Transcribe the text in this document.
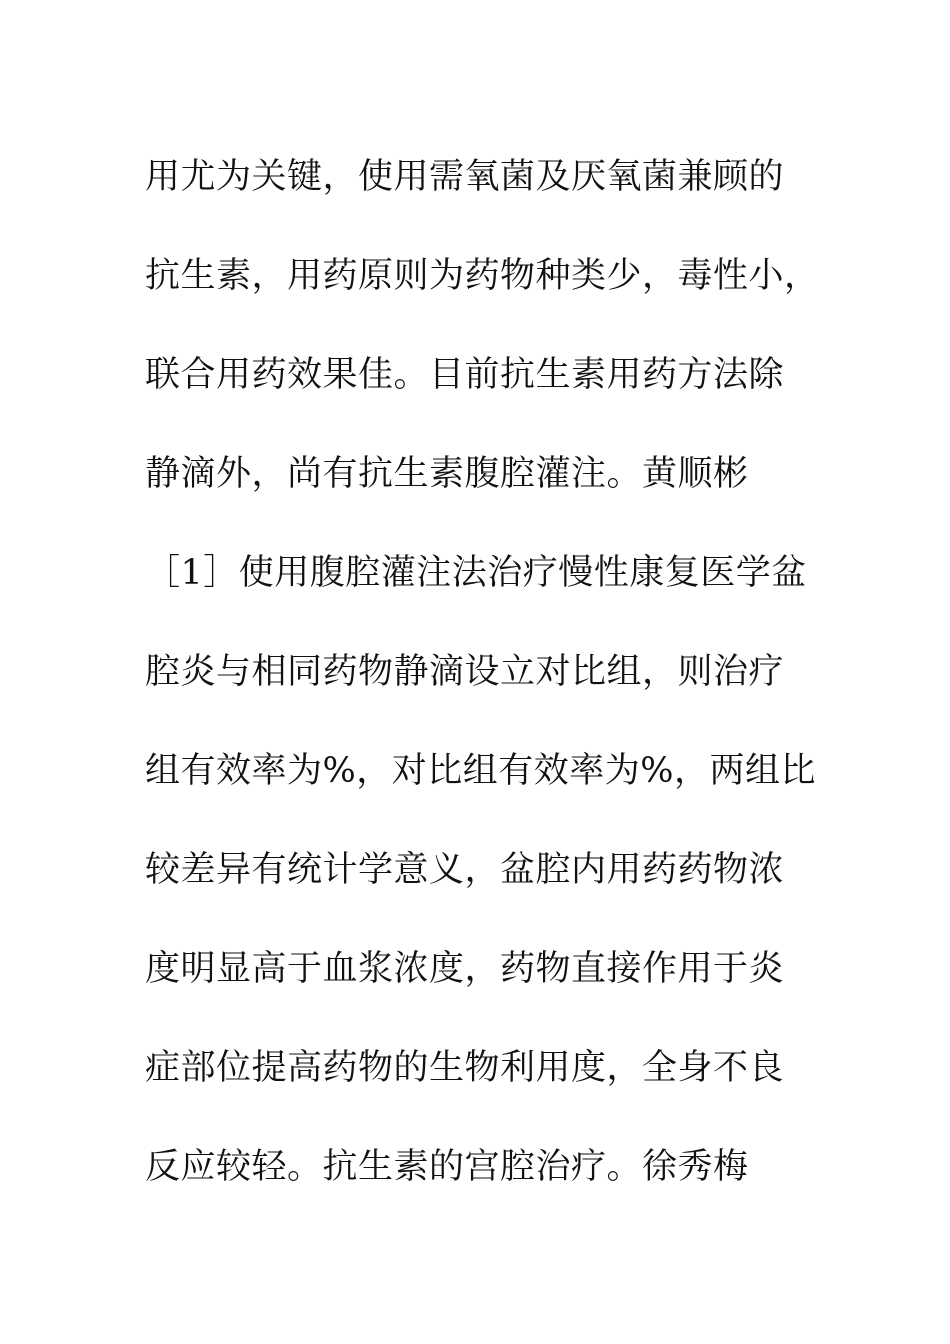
用尤为关键，使用需氧菌及厌氧菌兼顾的
抗生素，用药原则为药物种类少，毒性小，
联合用药效果佳。目前抗生素用药方法除
静滴外，尚有抗生素腹腔灌注。黄顺彬
［1］使用腹腔灌注法治疗慢性康复医学盆
腔炎与相同药物静滴设立对比组，则治疗
组有效率为%，对比组有效率为%，两组比
较差异有统计学意义，盆腔内用药药物浓
度明显高于血浆浓度，药物直接作用于炎
症部位提高药物的生物利用度，全身不良
反应较轻。抗生素的宫腔治疗。徐秀梅
